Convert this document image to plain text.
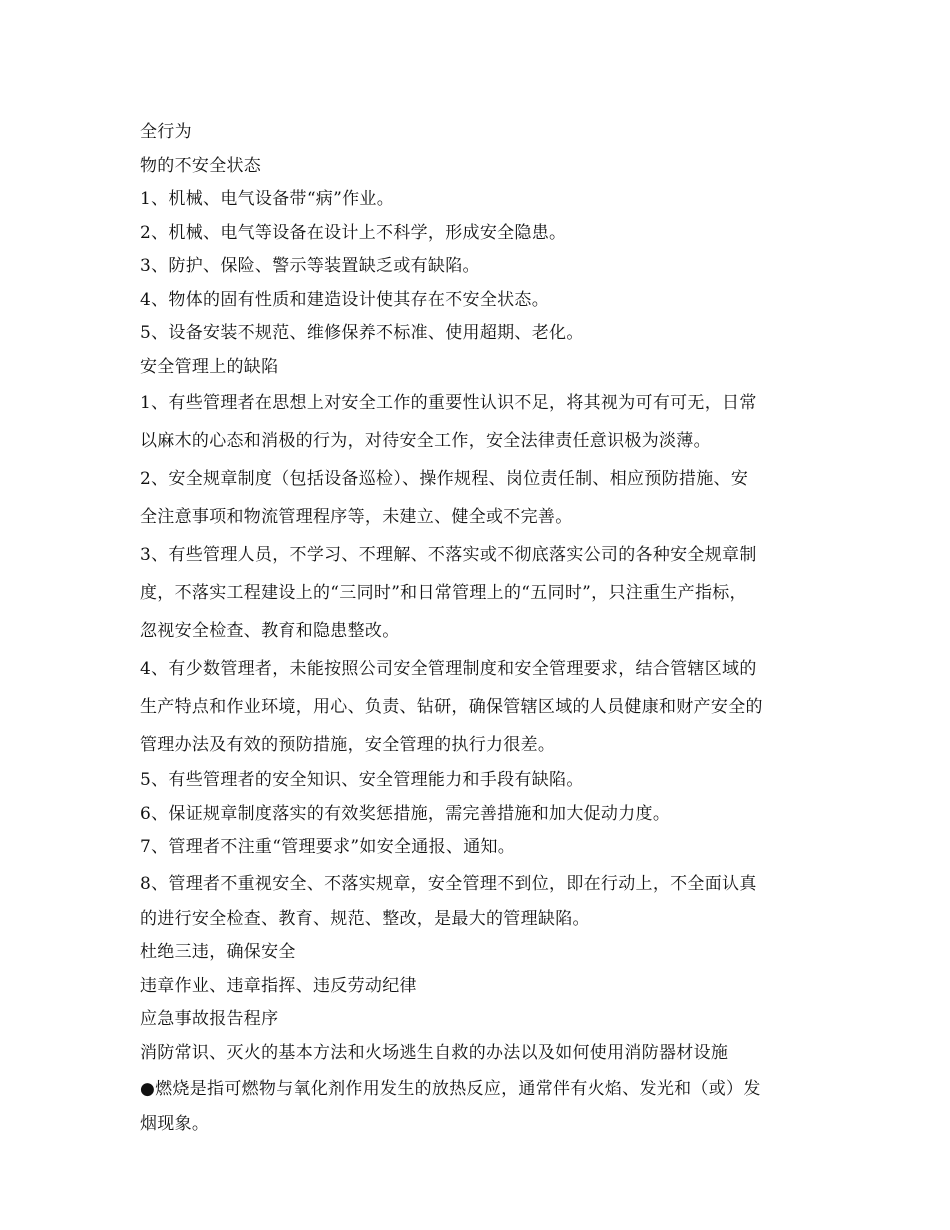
全行为
物的不安全状态
1、机械、电气设备带“病”作业。
2、机械、电气等设备在设计上不科学，形成安全隐患。
3、防护、保险、警示等装置缺乏或有缺陷。
4、物体的固有性质和建造设计使其存在不安全状态。
5、设备安装不规范、维修保养不标准、使用超期、老化。
安全管理上的缺陷
1、有些管理者在思想上对安全工作的重要性认识不足，将其视为可有可无，日常
以麻木的心态和消极的行为，对待安全工作，安全法律责任意识极为淡薄。
2、安全规章制度（包括设备巡检）、操作规程、岗位责任制、相应预防措施、安
全注意事项和物流管理程序等，未建立、健全或不完善。
3、有些管理人员，不学习、不理解、不落实或不彻底落实公司的各种安全规章制
度，不落实工程建设上的“三同时”和日常管理上的“五同时”，只注重生产指标，
忽视安全检查、教育和隐患整改。
4、有少数管理者，未能按照公司安全管理制度和安全管理要求，结合管辖区域的
生产特点和作业环境，用心、负责、钻研，确保管辖区域的人员健康和财产安全的
管理办法及有效的预防措施，安全管理的执行力很差。
5、有些管理者的安全知识、安全管理能力和手段有缺陷。
6、保证规章制度落实的有效奖惩措施，需完善措施和加大促动力度。
7、管理者不注重“管理要求”如安全通报、通知。
8、管理者不重视安全、不落实规章，安全管理不到位，即在行动上，不全面认真
的进行安全检查、教育、规范、整改，是最大的管理缺陷。
杜绝三违，确保安全
违章作业、违章指挥、违反劳动纪律
应急事故报告程序
消防常识、灭火的基本方法和火场逃生自救的办法以及如何使用消防器材设施
●燃烧是指可燃物与氧化剂作用发生的放热反应，通常伴有火焰、发光和（或）发
烟现象。
